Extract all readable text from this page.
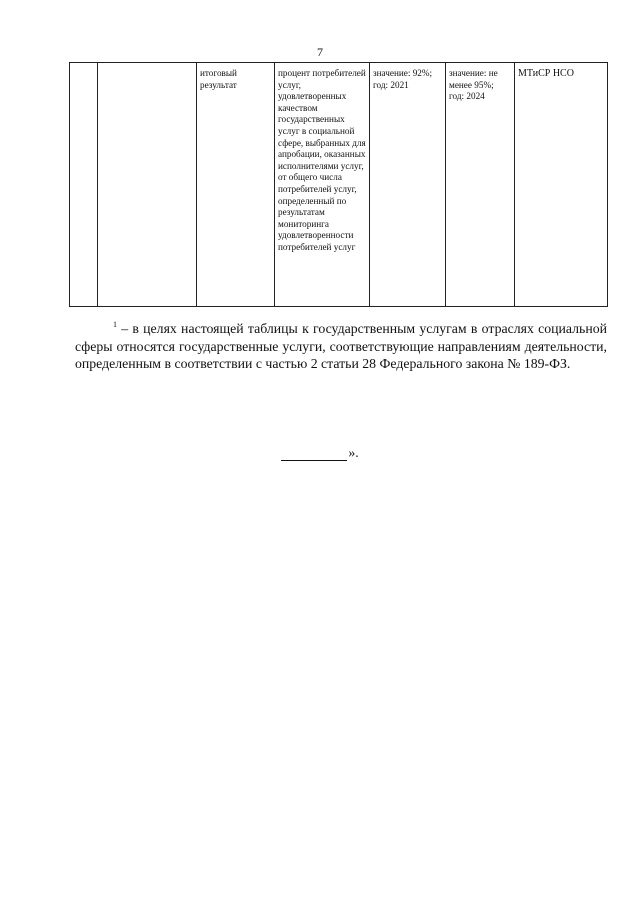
7
		итоговый результат	процент потребителей услуг, удовлетворенных качеством государственных услуг в социальной сфере, выбранных для апробации, оказанных исполнителями услуг, от общего числа потребителей услуг, определенный по результатам мониторинга удовлетворенности потребителей услуг	значение: 92%; год: 2021	значение: не менее 95%; год: 2024	МТиСР НСО
$^1$ – в целях настоящей таблицы к государственным услугам в отраслях социальной сферы относятся государственные услуги, соответствующие направлениям деятельности, определенным в соответствии с частью 2 статьи 28 Федерального закона № 189-ФЗ.
».
